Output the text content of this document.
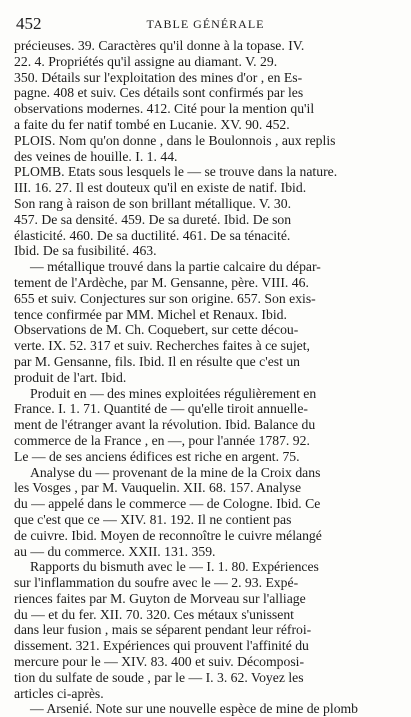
452	TABLE GÉNÉRALE
précieuses. 39. Caractères qu'il donne à la topase. IV.
22. 4. Propriétés qu'il assigne au diamant. V. 29.
350. Détails sur l'exploitation des mines d'or , en Es-
pagne. 408 et suiv. Ces détails sont confirmés par les
observations modernes. 412. Cité pour la mention qu'il
a faite du fer natif tombé en Lucanie. XV. 90. 452.
PLOIS. Nom qu'on donne , dans le Boulonnois , aux replis
des veines de houille. I. 1. 44.
PLOMB. Etats sous lesquels le — se trouve dans la nature.
III. 16. 27. Il est douteux qu'il en existe de natif. Ibid.
Son rang à raison de son brillant métallique. V. 30.
457. De sa densité. 459. De sa dureté. Ibid. De son
élasticité. 460. De sa ductilité. 461. De sa ténacité.
Ibid. De sa fusibilité. 463.
— métallique trouvé dans la partie calcaire du dépar-
tement de l'Ardèche, par M. Gensanne, père. VIII. 46.
655 et suiv. Conjectures sur son origine. 657. Son exis-
tence confirmée par MM. Michel et Renaux. Ibid.
Observations de M. Ch. Coquebert, sur cette décou-
verte. IX. 52. 317 et suiv. Recherches faites à ce sujet,
par M. Gensanne, fils. Ibid. Il en résulte que c'est un
produit de l'art. Ibid.
Produit en — des mines exploitées régulièrement en
France. I. 1. 71. Quantité de — qu'elle tiroit annuelle-
ment de l'étranger avant la révolution. Ibid. Balance du
commerce de la France , en —, pour l'année 1787. 92.
Le — de ses anciens édifices est riche en argent. 75.
Analyse du — provenant de la mine de la Croix dans
les Vosges , par M. Vauquelin. XII. 68. 157. Analyse
du — appelé dans le commerce — de Cologne. Ibid. Ce
que c'est que ce — XIV. 81. 192. Il ne contient pas
de cuivre. Ibid. Moyen de reconnoître le cuivre mélangé
au — du commerce. XXII. 131. 359.
Rapports du bismuth avec le — I. 1. 80. Expériences
sur l'inflammation du soufre avec le — 2. 93. Expé-
riences faites par M. Guyton de Morveau sur l'alliage
du — et du fer. XII. 70. 320. Ces métaux s'unissent
dans leur fusion , mais se séparent pendant leur réfroi-
dissement. 321. Expériences qui prouvent l'affinité du
mercure pour le — XIV. 83. 400 et suiv. Décomposi-
tion du sulfate de soude , par le — I. 3. 62. Voyez les
articles ci-après.
— Arsenié. Note sur une nouvelle espèce de mine de plomb
